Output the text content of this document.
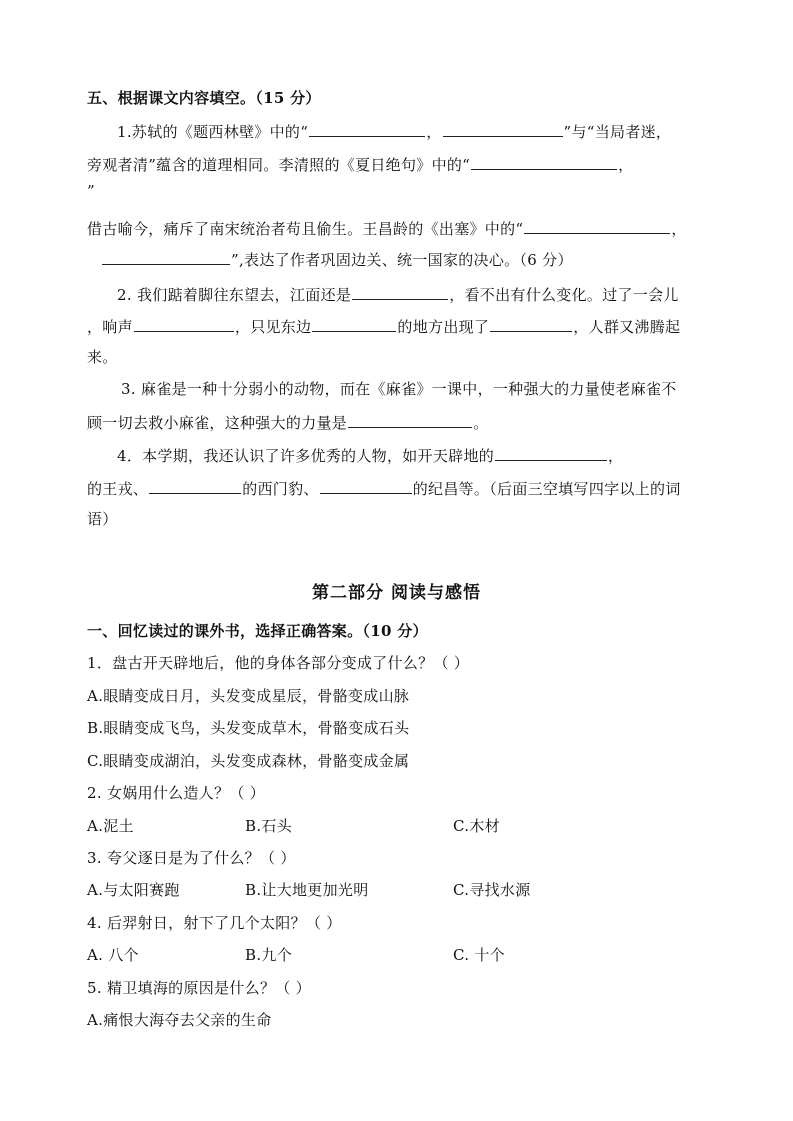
五、根据课文内容填空。（15 分）
1.苏轼的《题西林壁》中的“	，	”与“当局者迷，
旁观者清”蕴含的道理相同。李清照的《夏日绝句》中的“	，
”
借古喻今，痛斥了南宋统治者苟且偷生。王昌龄的《出塞》中的“	，
”,表达了作者巩固边关、统一国家的决心。（6 分）
2. 我们踮着脚往东望去，江面还是	，看不出有什么变化。过了一会儿
，响声	，只见东边	的地方出现了	，人群又沸腾起
来。
3. 麻雀是一种十分弱小的动物，而在《麻雀》一课中，一种强大的力量使老麻雀不
顾一切去救小麻雀，这种强大的力量是	。
4．本学期，我还认识了许多优秀的人物，如开天辟地的	，
的王戎、	的西门豹、	的纪昌等。（后面三空填写四字以上的词
语）
第二部分 阅读与感悟
一、回忆读过的课外书，选择正确答案。（10 分）
1．盘古开天辟地后，他的身体各部分变成了什么？（ ）
A.眼睛变成日月，头发变成星辰，骨骼变成山脉
B.眼睛变成飞鸟，头发变成草木，骨骼变成石头
C.眼睛变成湖泊，头发变成森林，骨骼变成金属
2. 女娲用什么造人？（ ）
A.泥土	B.石头	C.木材
3. 夸父逐日是为了什么？（ ）
A.与太阳赛跑	B.让大地更加光明	C.寻找水源
4. 后羿射日，射下了几个太阳？（ ）
A. 八个	B.九个	C. 十个
5. 精卫填海的原因是什么？（ ）
A.痛恨大海夺去父亲的生命
